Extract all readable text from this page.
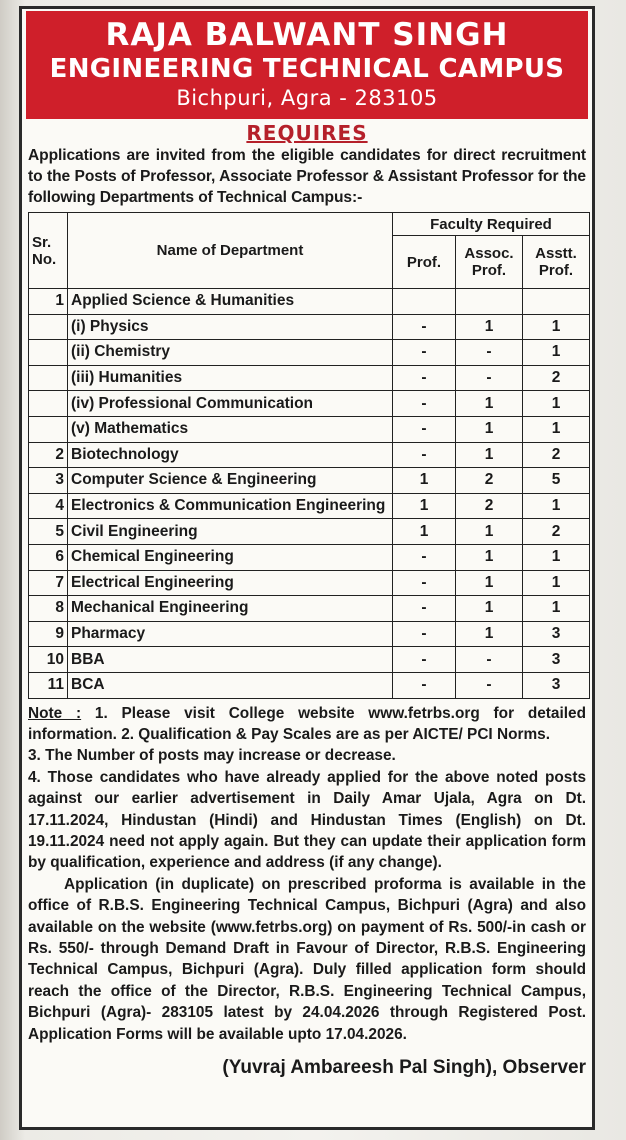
RAJA BALWANT SINGH
ENGINEERING TECHNICAL CAMPUS
Bichpuri, Agra - 283105
REQUIRES
Applications are invited from the eligible candidates for direct recruitment to the Posts of Professor, Associate Professor & Assistant Professor for the following Departments of Technical Campus:-
Sr. No.	Name of Department	Faculty Required		
		Prof.	Assoc. Prof.	Asstt. Prof.
1	Applied Science & Humanities			
	(i) Physics	-	1	1
	(ii) Chemistry	-	-	1
	(iii) Humanities	-	-	2
	(iv) Professional Communication	-	1	1
	(v) Mathematics	-	1	1
2	Biotechnology	-	1	2
3	Computer Science & Engineering	1	2	5
4	Electronics & Communication Engineering	1	2	1
5	Civil Engineering	1	1	2
6	Chemical Engineering	-	1	1
7	Electrical Engineering	-	1	1
8	Mechanical Engineering	-	1	1
9	Pharmacy	-	1	3
10	BBA	-	-	3
11	BCA	-	-	3

Note : 1. Please visit College website www.fetrbs.org for detailed information. 2. Qualification & Pay Scales are as per AICTE/ PCI Norms.

3. The Number of posts may increase or decrease.

4. Those candidates who have already applied for the above noted posts against our earlier advertisement in Daily Amar Ujala, Agra on Dt. 17.11.2024, Hindustan (Hindi) and Hindustan Times (English) on Dt. 19.11.2024 need not apply again. But they can update their application form by qualification, experience and address (if any change).

Application (in duplicate) on prescribed proforma is available in the office of R.B.S. Engineering Technical Campus, Bichpuri (Agra) and also available on the website (www.fetrbs.org) on payment of Rs. 500/-in cash or Rs. 550/- through Demand Draft in Favour of Director, R.B.S. Engineering Technical Campus, Bichpuri (Agra). Duly filled application form should reach the office of the Director, R.B.S. Engineering Technical Campus, Bichpuri (Agra)- 283105 latest by 24.04.2026 through Registered Post. Application Forms will be available upto 17.04.2026.

(Yuvraj Ambareesh Pal Singh), Observer
